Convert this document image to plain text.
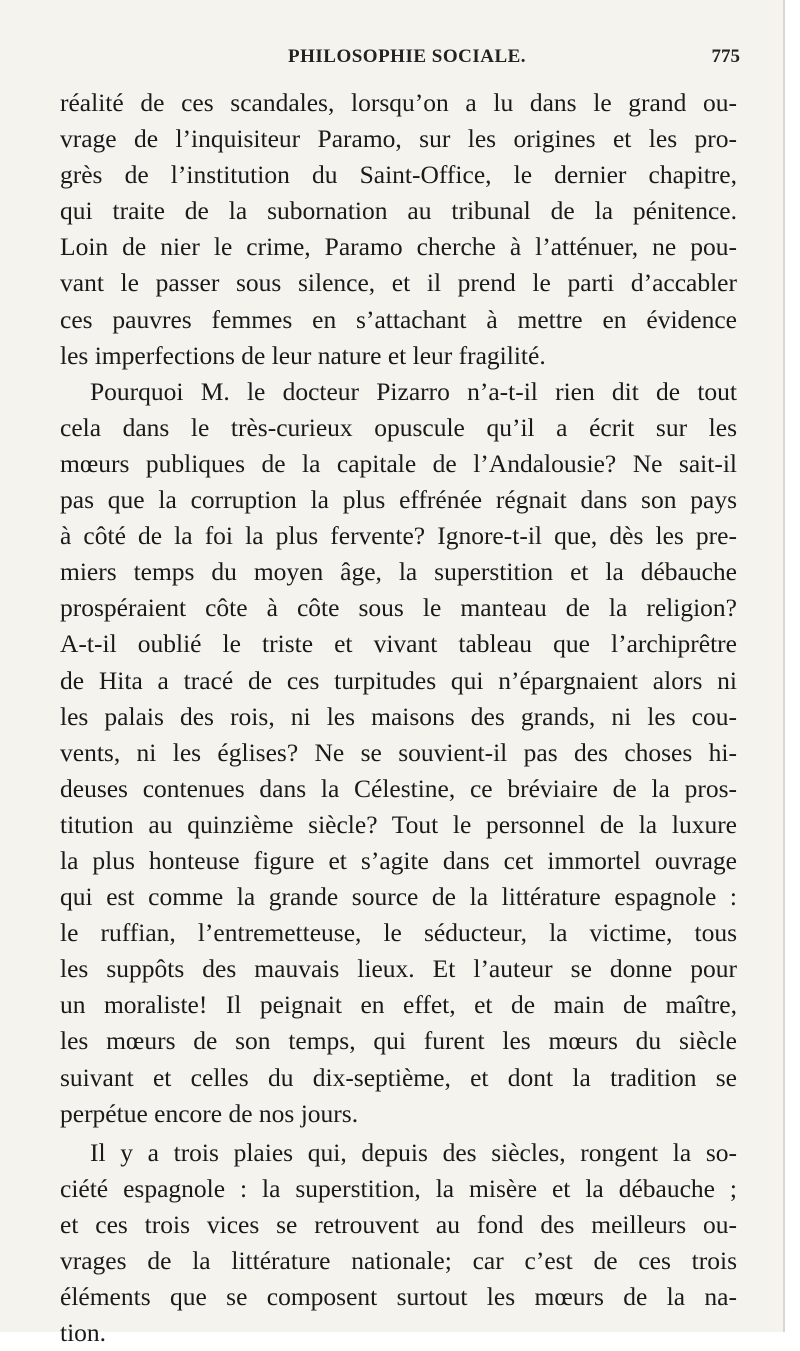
PHILOSOPHIE SOCIALE.	775
réalité de ces scandales, lorsqu’on a lu dans le grand ou-
vrage de l’inquisiteur Paramo, sur les origines et les pro-
grès de l’institution du Saint-Office, le dernier chapitre,
qui traite de la subornation au tribunal de la pénitence.
Loin de nier le crime, Paramo cherche à l’atténuer, ne pou-
vant le passer sous silence, et il prend le parti d’accabler
ces pauvres femmes en s’attachant à mettre en évidence
les imperfections de leur nature et leur fragilité.
Pourquoi M. le docteur Pizarro n’a-t-il rien dit de tout
cela dans le très-curieux opuscule qu’il a écrit sur les
mœurs publiques de la capitale de l’Andalousie? Ne sait-il
pas que la corruption la plus effrénée régnait dans son pays
à côté de la foi la plus fervente? Ignore-t-il que, dès les pre-
miers temps du moyen âge, la superstition et la débauche
prospéraient côte à côte sous le manteau de la religion?
A-t-il oublié le triste et vivant tableau que l’archiprêtre
de Hita a tracé de ces turpitudes qui n’épargnaient alors ni
les palais des rois, ni les maisons des grands, ni les cou-
vents, ni les églises? Ne se souvient-il pas des choses hi-
deuses contenues dans la Célestine, ce bréviaire de la pros-
titution au quinzième siècle? Tout le personnel de la luxure
la plus honteuse figure et s’agite dans cet immortel ouvrage
qui est comme la grande source de la littérature espagnole :
le ruffian, l’entremetteuse, le séducteur, la victime, tous
les suppôts des mauvais lieux. Et l’auteur se donne pour
un moraliste! Il peignait en effet, et de main de maître,
les mœurs de son temps, qui furent les mœurs du siècle
suivant et celles du dix-septième, et dont la tradition se
perpétue encore de nos jours.
Il y a trois plaies qui, depuis des siècles, rongent la so-
ciété espagnole : la superstition, la misère et la débauche ;
et ces trois vices se retrouvent au fond des meilleurs ou-
vrages de la littérature nationale; car c’est de ces trois
éléments que se composent surtout les mœurs de la na-
tion.
